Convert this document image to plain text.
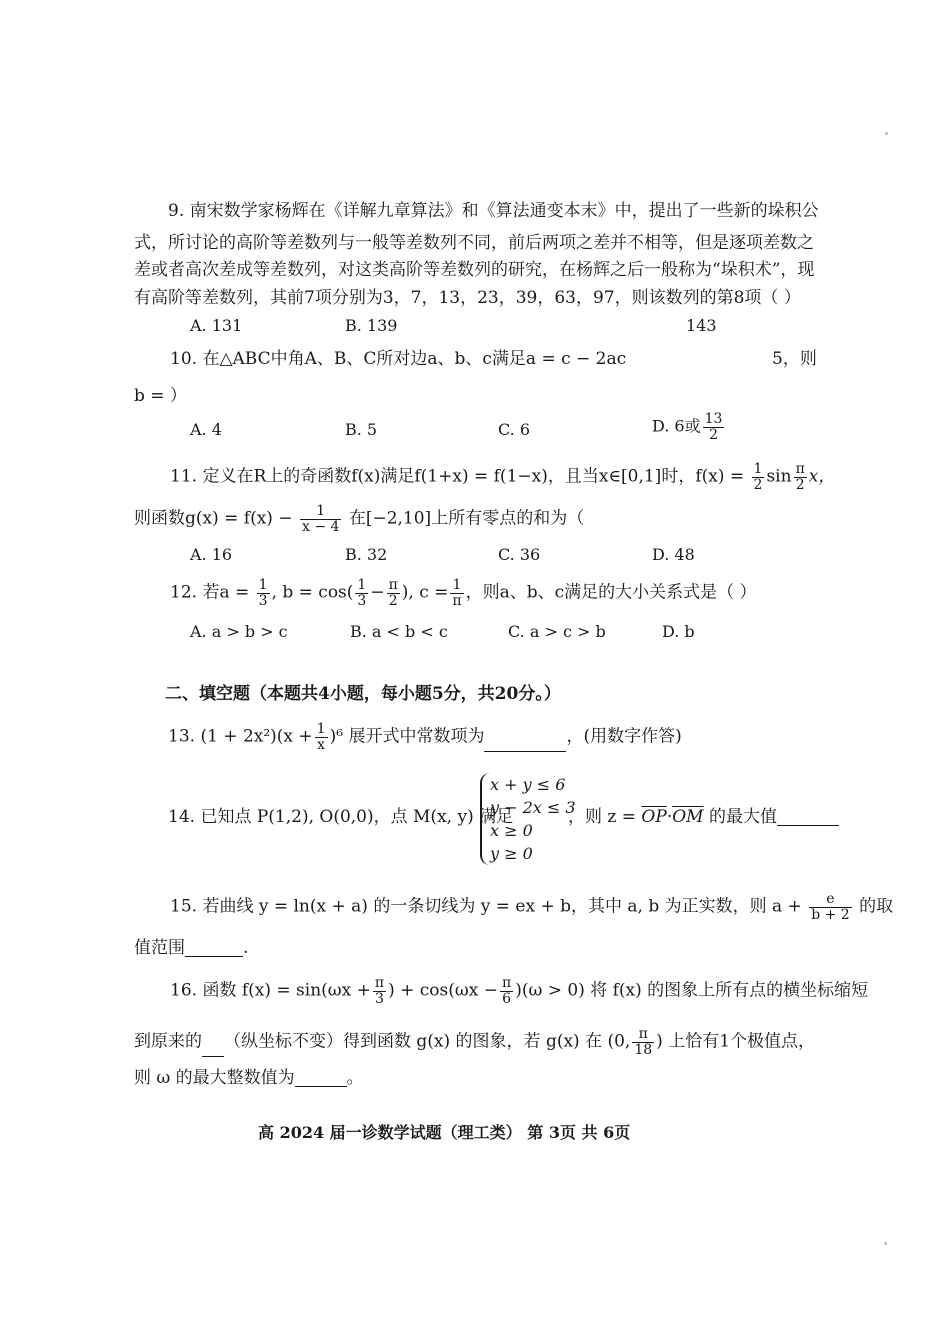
9. 南宋数学家杨辉在《详解九章算法》和《算法通变本末》中，提出了一些新的垛积公
式，所讨论的高阶等差数列与一般等差数列不同，前后两项之差并不相等，但是逐项差数之
差或者高次差成等差数列，对这类高阶等差数列的研究，在杨辉之后一般称为“垛积术”，现
有高阶等差数列，其前7项分别为3，7，13，23，39，63，97，则该数列的第8项（ ）
A. 131	B. 139	143
10. 在△ABC中角A、B、C所对边a、b、c满足a = c − 2ac	5，则
b = ）
A. 4	B. 5	C. 6	D. 6或 $\frac{13}{2}$
11. 定义在R上的奇函数f(x)满足f(1+x) = f(1−x)，且当x∈[0,1]时，$f(x) = \frac{1}{2}$ $\sin \frac{\pi}{2}$ x，
则函数$g(x) = f(x) - \frac{1}{x - 4}$ 在[−2,10]上所有零点的和为（
A. 16	B. 32	C. 36	D. 48
12. 若$a = \frac{1}{3}$ , $b = \cos( \frac{1}{3} - \frac{\pi}{2}$ ), $c = \frac{1}{\pi}$ ，则a、b、c满足的大小关系式是（ ）
A. a > b > c	B. a < b < c	C. a > c > b	D. b
二、填空题（本题共4小题，每小题5分，共20分。）
13. $(1 + 2x^2)(x + \frac{1}{x} )^6$ 展开式中常数项为	，(用数字作答)
14. 已知点 P(1,2), O(0,0)，点 M(x, y) 满足
x + y ≤ 6
y − 2x ≤ 3
x ≥ 0
y ≥ 0
，则 $z = \overline{OP}\cdot\overline{OM}$ 的最大值
15. 若曲线 y = ln(x + a) 的一条切线为 y = ex + b，其中 a, b 为正实数，则 $a + \frac{e}{b + 2}$ 的取
值范围	.
16. 函数 $f(x) = \sin(\omega x + \frac{\pi}{3}$ ) + $\cos(\omega x - \frac{\pi}{6} )(\omega > 0)$ 将 f(x) 的图象上所有点的横坐标缩短
到原来的 （纵坐标不变）得到函数 g(x) 的图象，若 g(x) 在 (0, $\frac{\pi}{18}$ ) 上恰有1个极值点，
则 ω 的最大整数值为	。
高 2024 届一诊数学试题（理工类） 第 3页 共 6页
